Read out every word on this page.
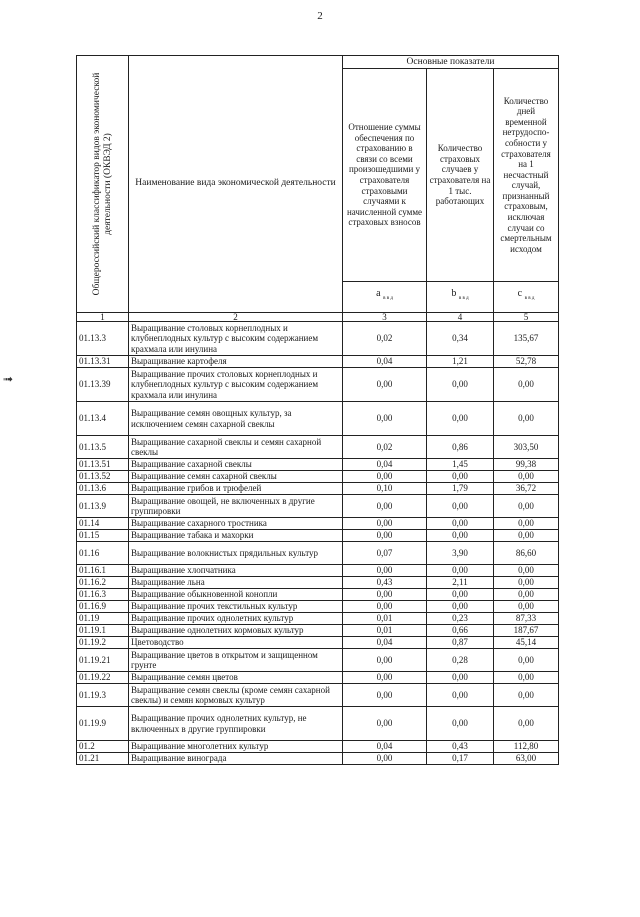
2
➟
Общероссийский классификатор видов экономической деятельности (ОКВЭД 2)	Наименование вида экономической деятельности	Основные показатели		
		Отношение суммы обеспечения по страхованию в связи со всеми произошедшими у страхователя страховыми случаями к начисленной сумме страховых взносов	Количество страховых случаев у страхователя на 1 тыс. работающих	Количество дней временной нетрудоспо-собности у страхователя на 1 несчастный случай, признанный страховым, исключая случаи со смертельным исходом
		a $_{в в д}$	b $_{в в д}$	c $_{в в д}$
1	2	3	4	5
01.13.3	Выращивание столовых корнеплодных и клубнеплодных культур с высоким содержанием крахмала или инулина	0,02	0,34	135,67
01.13.31	Выращивание картофеля	0,04	1,21	52,78
01.13.39	Выращивание прочих столовых корнеплодных и клубнеплодных культур с высоким содержанием крахмала или инулина	0,00	0,00	0,00
01.13.4	Выращивание семян овощных культур, за исключением семян сахарной свеклы	0,00	0,00	0,00
01.13.5	Выращивание сахарной свеклы и семян сахарной свеклы	0,02	0,86	303,50
01.13.51	Выращивание сахарной свеклы	0,04	1,45	99,38
01.13.52	Выращивание семян сахарной свеклы	0,00	0,00	0,00
01.13.6	Выращивание грибов и трюфелей	0,10	1,79	36,72
01.13.9	Выращивание овощей, не включенных в другие группировки	0,00	0,00	0,00
01.14	Выращивание сахарного тростника	0,00	0,00	0,00
01.15	Выращивание табака и махорки	0,00	0,00	0,00
01.16	Выращивание волокнистых прядильных культур	0,07	3,90	86,60
01.16.1	Выращивание хлопчатника	0,00	0,00	0,00
01.16.2	Выращивание льна	0,43	2,11	0,00
01.16.3	Выращивание обыкновенной конопли	0,00	0,00	0,00
01.16.9	Выращивание прочих текстильных культур	0,00	0,00	0,00
01.19	Выращивание прочих однолетних культур	0,01	0,23	87,33
01.19.1	Выращивание однолетних кормовых культур	0,01	0,66	187,67
01.19.2	Цветоводство	0,04	0,87	45,14
01.19.21	Выращивание цветов в открытом и защищенном грунте	0,00	0,28	0,00
01.19.22	Выращивание семян цветов	0,00	0,00	0,00
01.19.3	Выращивание семян свеклы (кроме семян сахарной свеклы) и семян кормовых культур	0,00	0,00	0,00
01.19.9	Выращивание прочих однолетних культур, не включенных в другие группировки	0,00	0,00	0,00
01.2	Выращивание многолетних культур	0,04	0,43	112,80
01.21	Выращивание винограда	0,00	0,17	63,00
